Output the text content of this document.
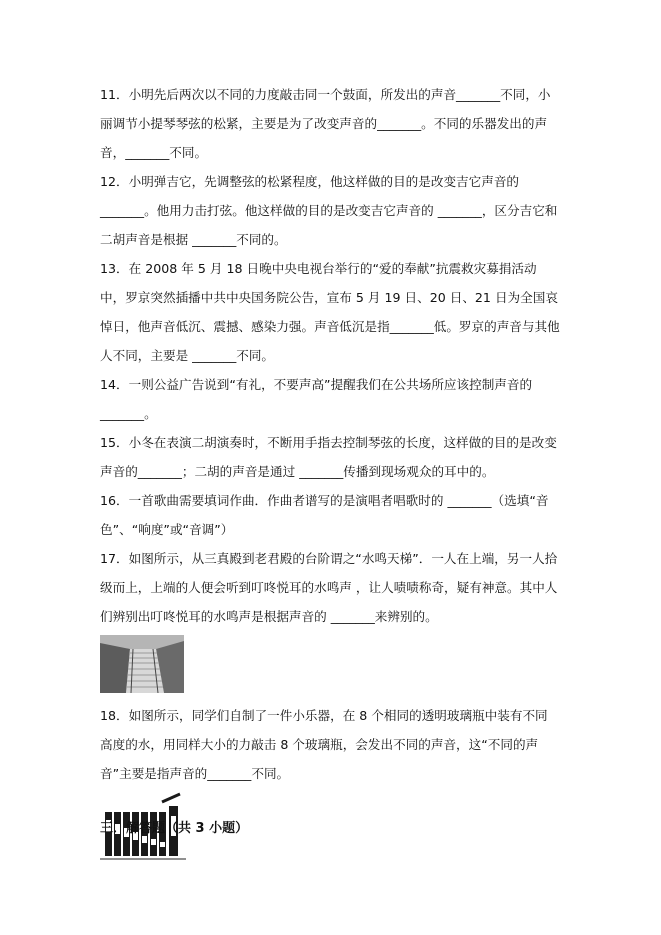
11．小明先后两次以不同的力度敲击同一个鼓面，所发出的声音_______不同，小丽调节小提琴琴弦的松紧，主要是为了改变声音的_______。不同的乐器发出的声音，_______不同。

12．小明弹吉它，先调整弦的松紧程度，他这样做的目的是改变吉它声音的_______。他用力击打弦。他这样做的目的是改变吉它声音的 _______，区分吉它和二胡声音是根据 _______不同的。

13．在 2008 年 5 月 18 日晚中央电视台举行的“爱的奉献”抗震救灾募捐活动中，罗京突然插播中共中央国务院公告，宣布 5 月 19 日、20 日、21 日为全国哀悼日，他声音低沉、震撼、感染力强。声音低沉是指_______低。罗京的声音与其他人不同，主要是 _______不同。

14．一则公益广告说到“有礼，不要声高”提醒我们在公共场所应该控制声音的_______。

15．小冬在表演二胡演奏时，不断用手指去控制琴弦的长度，这样做的目的是改变声音的_______；二胡的声音是通过 _______传播到现场观众的耳中的。

16．一首歌曲需要填词作曲．作曲者谱写的是演唱者唱歌时的 _______（选填“音色”、“响度”或“音调”）

17．如图所示，从三真殿到老君殿的台阶谓之“水鸣天梯”．一人在上端，另一人拾级而上，上端的人便会听到叮咚悦耳的水鸣声 ，让人啧啧称奇，疑有神意。其中人们辨别出叮咚悦耳的水鸣声是根据声音的 _______来辨别的。

18．如图所示，同学们自制了一件小乐器，在 8 个相同的透明玻璃瓶中装有不同高度的水，用同样大小的力敲击 8 个玻璃瓶，会发出不同的声音，这“不同的声音”主要是指声音的_______不同。

三．解答题（共 3 小题）
